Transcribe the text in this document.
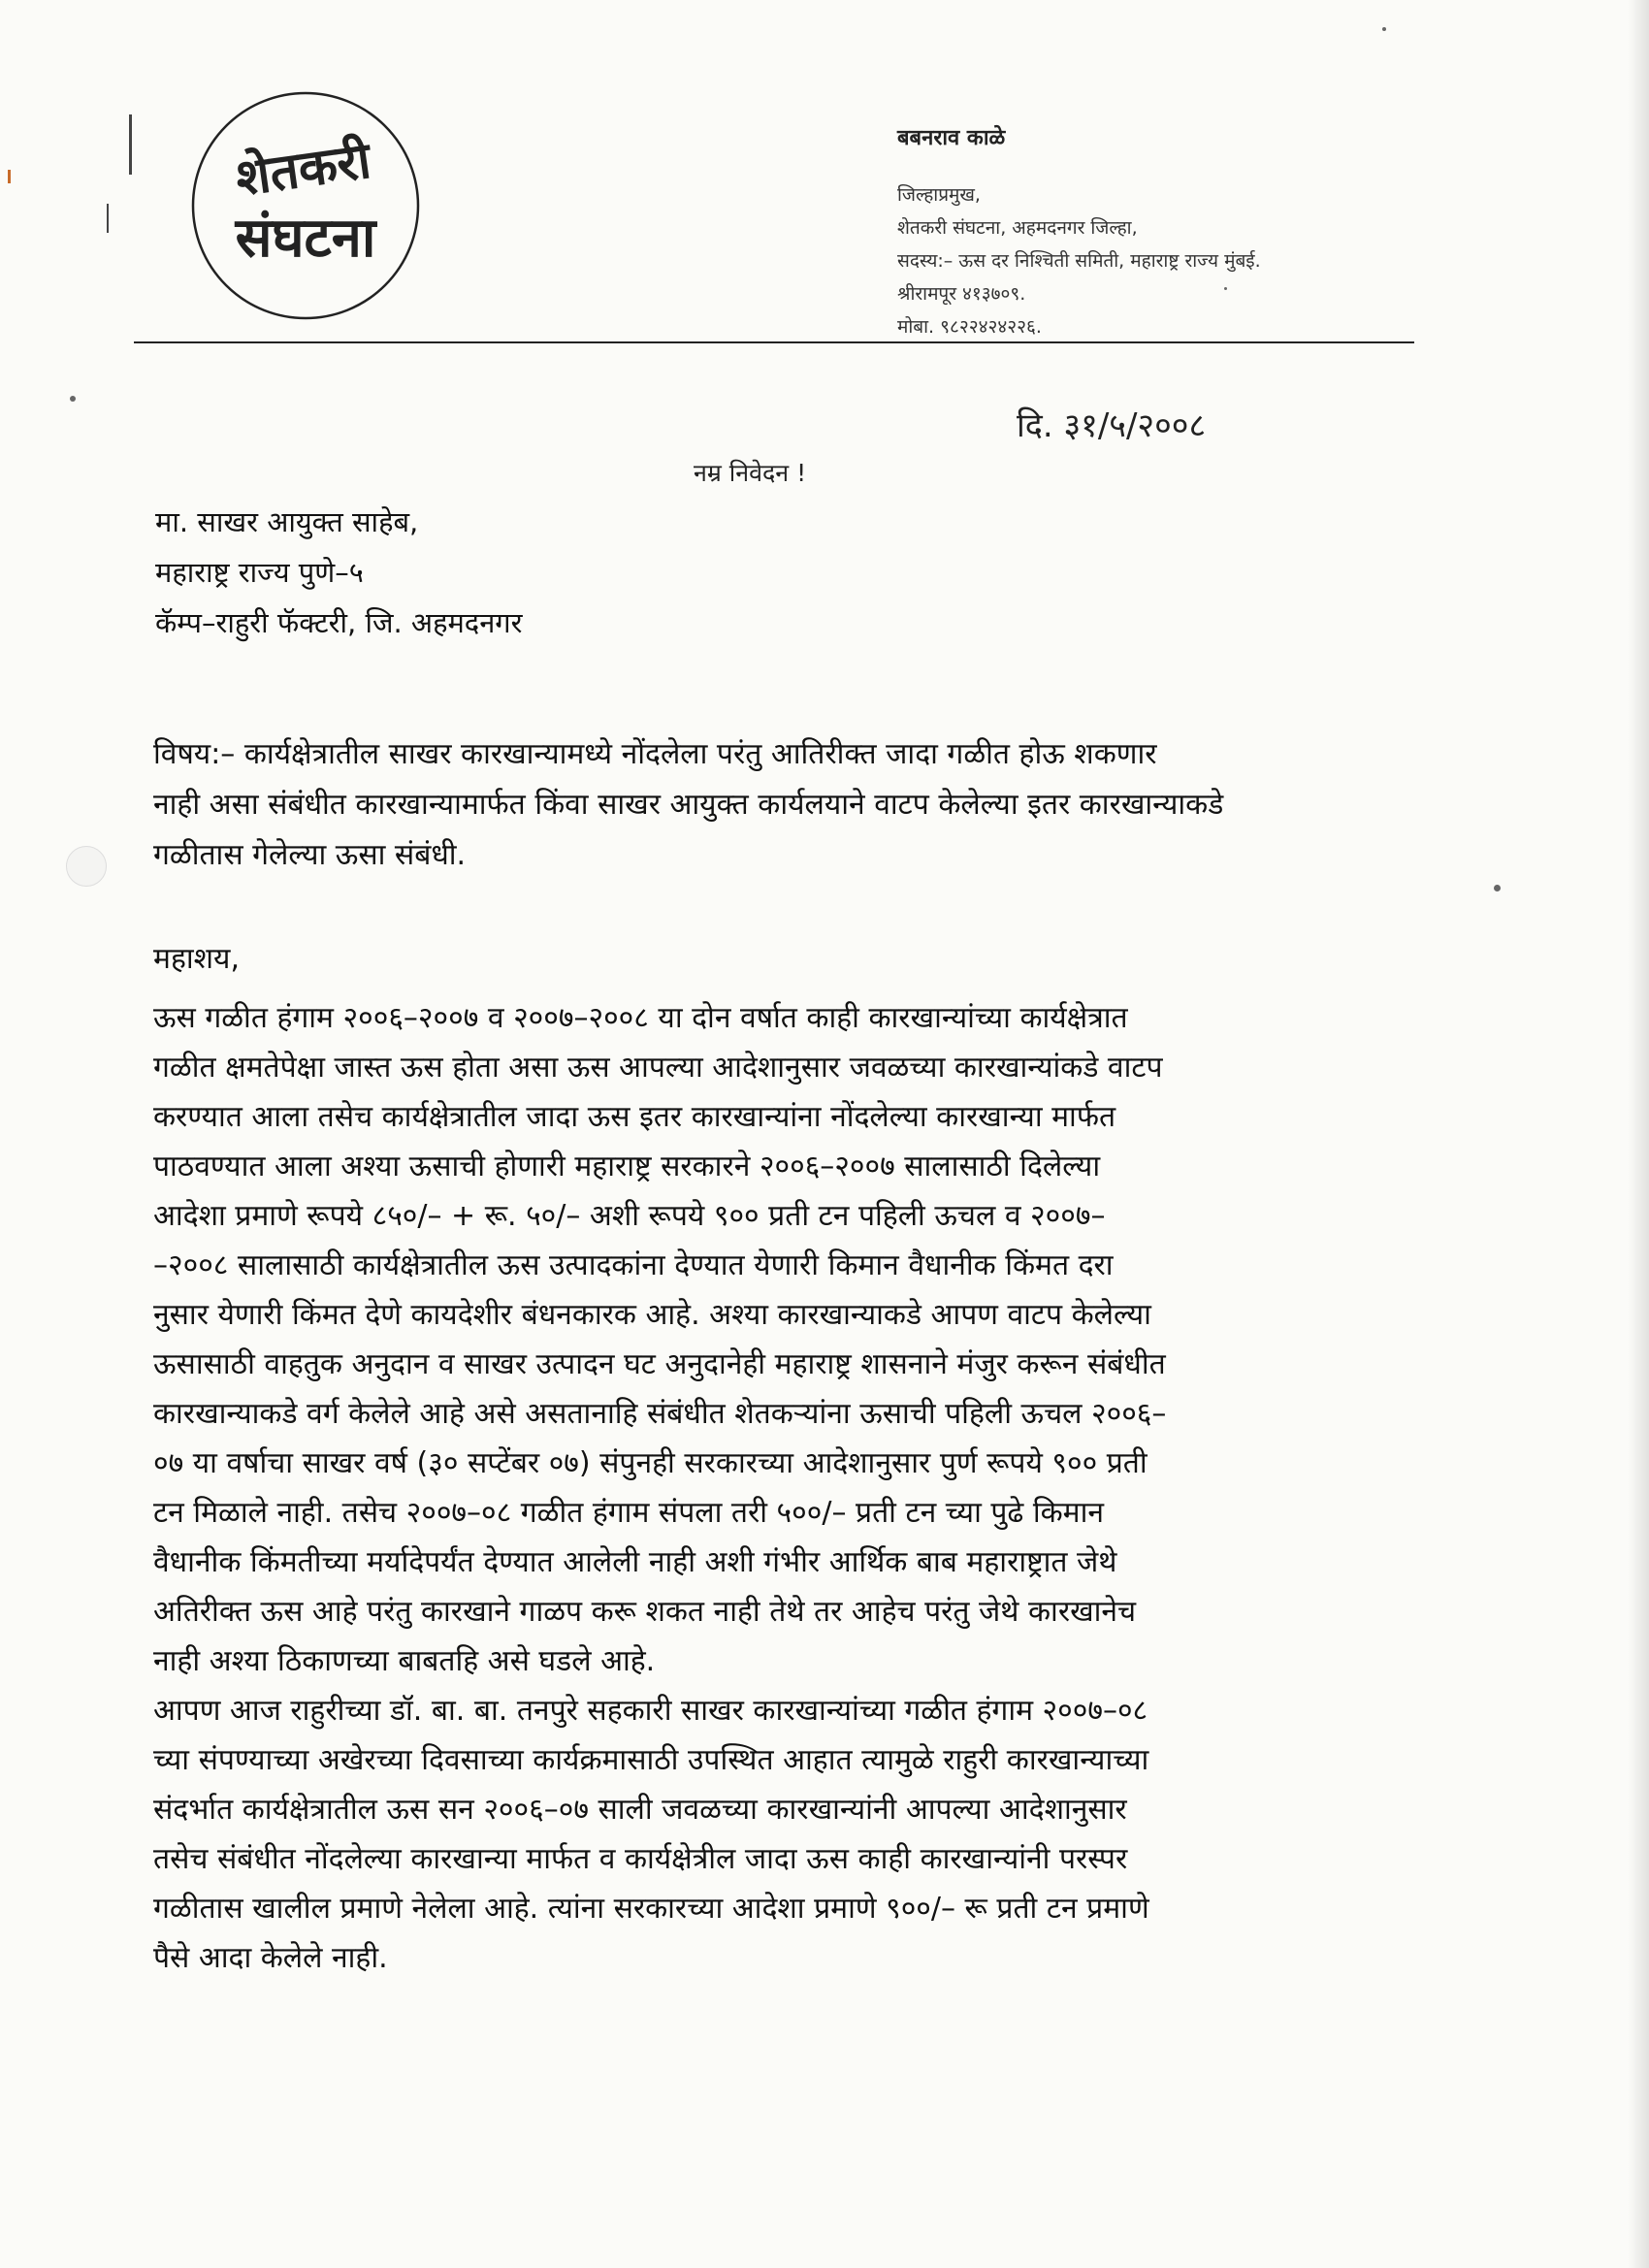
शेतकरी
संघटना
बबनराव काळे
जिल्हाप्रमुख,
शेतकरी संघटना, अहमदनगर जिल्हा,
सदस्य:– ऊस दर निश्चिती समिती, महाराष्ट्र राज्य मुंबई.
श्रीरामपूर ४१३७०९.
मोबा. ९८२२४२४२२६.
दि. ३१/५/२००८
नम्र निवेदन !
मा. साखर आयुक्त साहेब,
महाराष्ट्र राज्य पुणे–५
कॅम्प–राहुरी फॅक्टरी, जि. अहमदनगर
विषय:– कार्यक्षेत्रातील साखर कारखान्यामध्ये नोंदलेला परंतु आतिरीक्त जादा गळीत होऊ शकणार
नाही असा संबंधीत कारखान्यामार्फत किंवा साखर आयुक्त कार्यलयाने वाटप केलेल्या इतर कारखान्याकडे
गळीतास गेलेल्या ऊसा संबंधी.
महाशय,
ऊस गळीत हंगाम २००६–२००७ व २००७–२००८ या दोन वर्षात काही कारखान्यांच्या कार्यक्षेत्रात
गळीत क्षमतेपेक्षा जास्त ऊस होता असा ऊस आपल्या आदेशानुसार जवळच्या कारखान्यांकडे वाटप
करण्यात आला तसेच कार्यक्षेत्रातील जादा ऊस इतर कारखान्यांना नोंदलेल्या कारखान्या मार्फत
पाठवण्यात आला अश्या ऊसाची होणारी महाराष्ट्र सरकारने २००६–२००७ सालासाठी दिलेल्या
आदेशा प्रमाणे रूपये ८५०/– + रू. ५०/– अशी रूपये ९०० प्रती टन पहिली ऊचल व २००७–
–२००८ सालासाठी कार्यक्षेत्रातील ऊस उत्पादकांना देण्यात येणारी किमान वैधानीक किंमत दरा
नुसार येणारी किंमत देणे कायदेशीर बंधनकारक आहे. अश्या कारखान्याकडे आपण वाटप केलेल्या
ऊसासाठी वाहतुक अनुदान व साखर उत्पादन घट अनुदानेही महाराष्ट्र शासनाने मंजुर करून संबंधीत
कारखान्याकडे वर्ग केलेले आहे असे असतानाहि संबंधीत शेतकऱ्यांना ऊसाची पहिली ऊचल २००६–
०७ या वर्षाचा साखर वर्ष (३० सप्टेंबर ०७) संपुनही सरकारच्या आदेशानुसार पुर्ण रूपये ९०० प्रती
टन मिळाले नाही. तसेच २००७–०८ गळीत हंगाम संपला तरी ५००/– प्रती टन च्या पुढे किमान
वैधानीक किंमतीच्या मर्यादेपर्यंत देण्यात आलेली नाही अशी गंभीर आर्थिक बाब महाराष्ट्रात जेथे
अतिरीक्त ऊस आहे परंतु कारखाने गाळप करू शकत नाही तेथे तर आहेच परंतु जेथे कारखानेच
नाही अश्या ठिकाणच्या बाबतहि असे घडले आहे.
आपण आज राहुरीच्या डॉ. बा. बा. तनपुरे सहकारी साखर कारखान्यांच्या गळीत हंगाम २००७–०८
च्या संपण्याच्या अखेरच्या दिवसाच्या कार्यक्रमासाठी उपस्थित आहात त्यामुळे राहुरी कारखान्याच्या
संदर्भात कार्यक्षेत्रातील ऊस सन २००६–०७ साली जवळच्या कारखान्यांनी आपल्या आदेशानुसार
तसेच संबंधीत नोंदलेल्या कारखान्या मार्फत व कार्यक्षेत्रील जादा ऊस काही कारखान्यांनी परस्पर
गळीतास खालील प्रमाणे नेलेला आहे. त्यांना सरकारच्या आदेशा प्रमाणे ९००/– रू प्रती टन प्रमाणे
पैसे आदा केलेले नाही.
